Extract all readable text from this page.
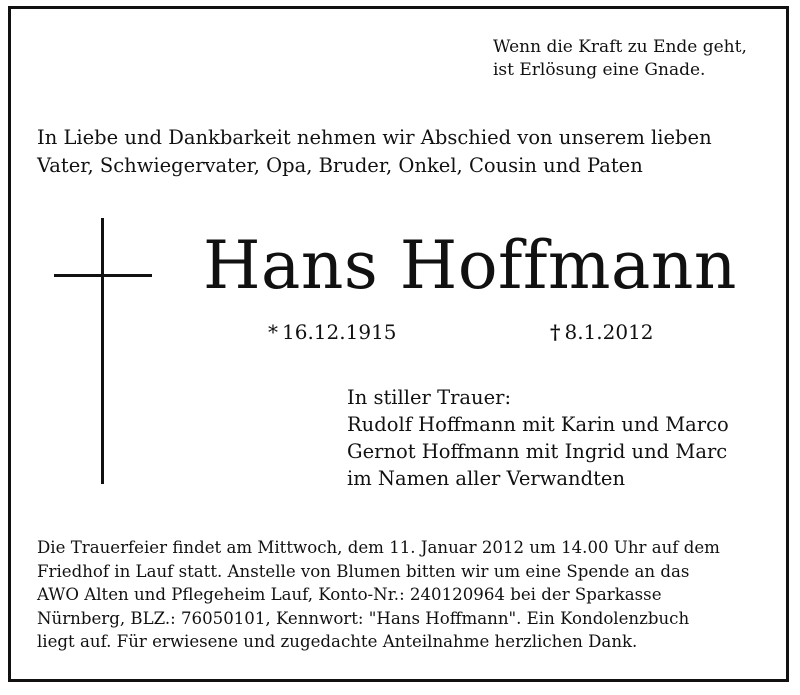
Wenn die Kraft zu Ende geht,
ist Erlösung eine Gnade.
In Liebe und Dankbarkeit nehmen wir Abschied von unserem lieben
Vater, Schwiegervater, Opa, Bruder, Onkel, Cousin und Paten
Hans Hoffmann
* 16.12.1915	† 8.1.2012
In stiller Trauer:
Rudolf Hoffmann mit Karin und Marco
Gernot Hoffmann mit Ingrid und Marc
im Namen aller Verwandten
Die Trauerfeier findet am Mittwoch, dem 11. Januar 2012 um 14.00 Uhr auf dem
Friedhof in Lauf statt. Anstelle von Blumen bitten wir um eine Spende an das
AWO Alten und Pflegeheim Lauf, Konto-Nr.: 240120964 bei der Sparkasse
Nürnberg, BLZ.: 76050101, Kennwort: "Hans Hoffmann". Ein Kondolenzbuch
liegt auf. Für erwiesene und zugedachte Anteilnahme herzlichen Dank.
